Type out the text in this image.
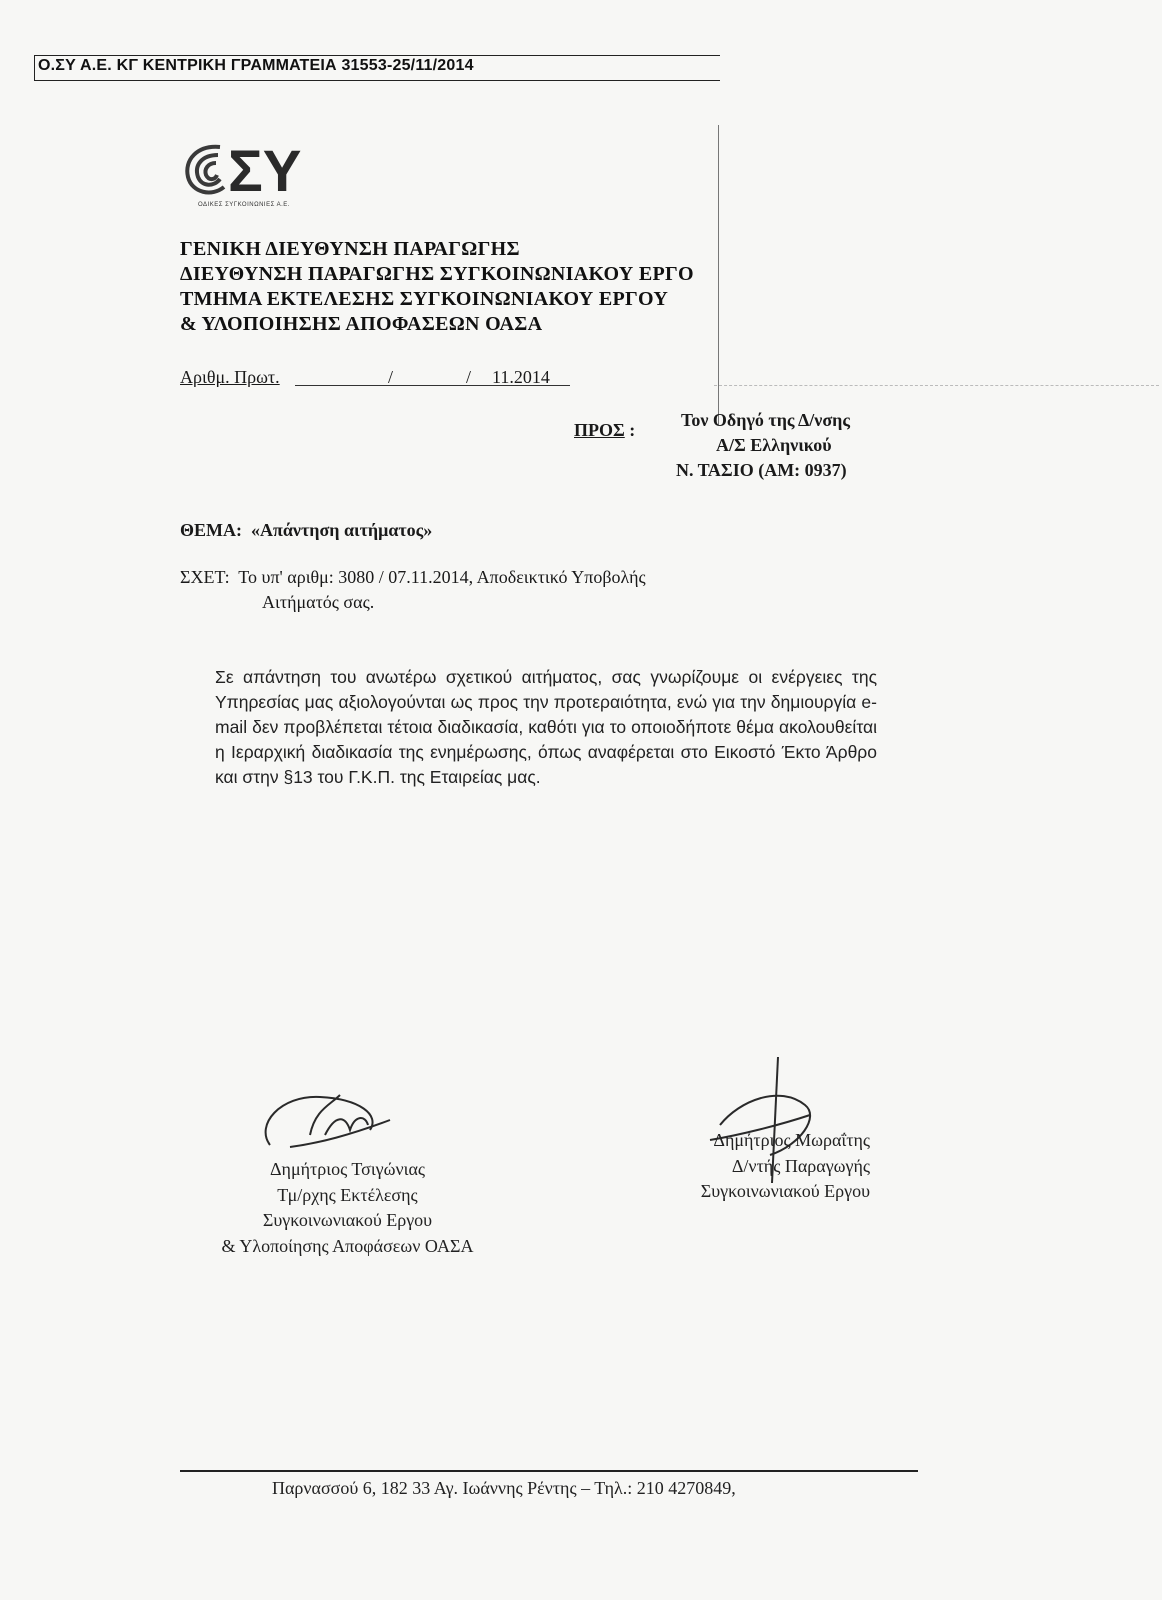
Ο.ΣΥ Α.Ε. ΚΓ ΚΕΝΤΡΙΚΗ ΓΡΑΜΜΑΤΕΙΑ 31553-25/11/2014
ΣΥ
ΟΔΙΚΕΣ ΣΥΓΚΟΙΝΩΝΙΕΣ Α.Ε.
ΓΕΝΙΚΗ ΔΙΕΥΘΥΝΣΗ ΠΑΡΑΓΩΓΗΣ
ΔΙΕΥΘΥΝΣΗ ΠΑΡΑΓΩΓΗΣ ΣΥΓΚΟΙΝΩΝΙΑΚΟΥ ΕΡΓΟ
ΤΜΗΜΑ ΕΚΤΕΛΕΣΗΣ ΣΥΓΚΟΙΝΩΝΙΑΚΟΥ ΕΡΓΟΥ
& ΥΛΟΠΟΙΗΣΗΣ ΑΠΟΦΑΣΕΩΝ ΟΑΣΑ
Αριθμ. Πρωτ.	/	/ 11.2014
ΠΡΟΣ :	Τον Οδηγό της Δ/νσης
Α/Σ Ελληνικού
Ν. ΤΑΣΙΟ (ΑΜ: 0937)
ΘΕΜΑ: «Απάντηση αιτήματος»
ΣΧΕΤ: Το υπ' αριθμ: 3080 / 07.11.2014, Αποδεικτικό Υποβολής
Αιτήματός σας.
Σε απάντηση του ανωτέρω σχετικού αιτήματος, σας γνωρίζουμε οι ενέργειες της Υπηρεσίας μας αξιολογούνται ως προς την προτεραιότητα, ενώ για την δημιουργία e-mail δεν προβλέπεται τέτοια διαδικασία, καθότι για το οποιοδήποτε θέμα ακολουθείται η Ιεραρχική διαδικασία της ενημέρωσης, όπως αναφέρεται στο Εικοστό Έκτο Άρθρο και στην §13 του Γ.Κ.Π. της Εταιρείας μας.
Δημήτριος Τσιγώνιας
Τμ/ρχης Εκτέλεσης
Συγκοινωνιακού Εργου
& Υλοποίησης Αποφάσεων ΟΑΣΑ
Δημήτριος Μωραΐτης
Δ/ντής Παραγωγής
Συγκοινωνιακού Εργου
Παρνασσού 6, 182 33 Αγ. Ιωάννης Ρέντης – Τηλ.: 210 4270849,
